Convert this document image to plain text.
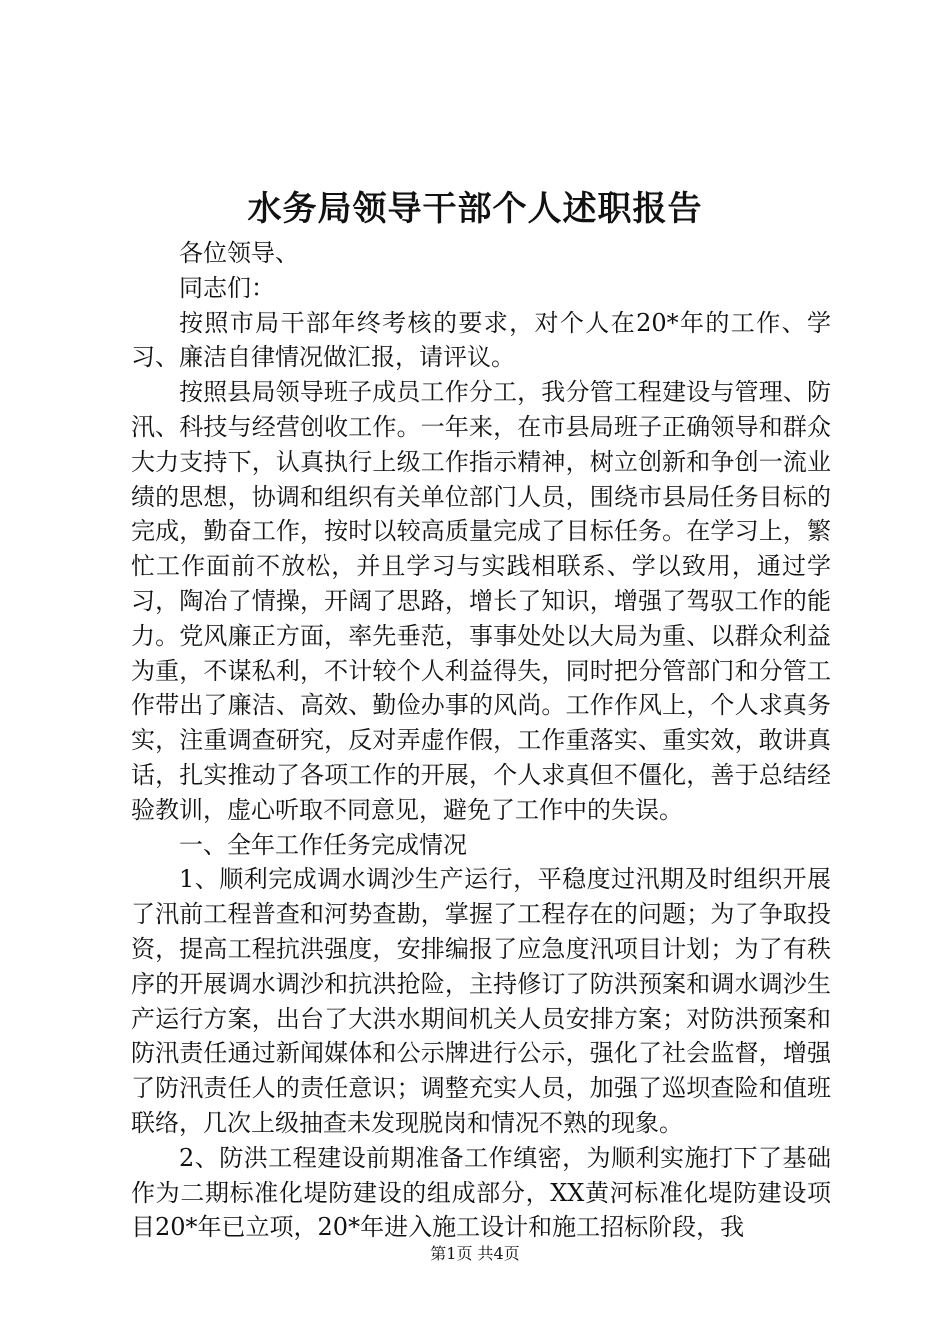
水务局领导干部个人述职报告

各位领导、

同志们：

按照市局干部年终考核的要求，对个人在20*年的工作、学习、廉洁自律情况做汇报，请评议。

按照县局领导班子成员工作分工，我分管工程建设与管理、防汛、科技与经营创收工作。一年来，在市县局班子正确领导和群众大力支持下，认真执行上级工作指示精神，树立创新和争创一流业绩的思想，协调和组织有关单位部门人员，围绕市县局任务目标的完成，勤奋工作，按时以较高质量完成了目标任务。在学习上，繁忙工作面前不放松，并且学习与实践相联系、学以致用，通过学习，陶冶了情操，开阔了思路，增长了知识，增强了驾驭工作的能力。党风廉正方面，率先垂范，事事处处以大局为重、以群众利益为重，不谋私利，不计较个人利益得失，同时把分管部门和分管工作带出了廉洁、高效、勤俭办事的风尚。工作作风上，个人求真务实，注重调查研究，反对弄虚作假，工作重落实、重实效，敢讲真话，扎实推动了各项工作的开展，个人求真但不僵化，善于总结经验教训，虚心听取不同意见，避免了工作中的失误。

一、全年工作任务完成情况

1、顺利完成调水调沙生产运行，平稳度过汛期及时组织开展了汛前工程普查和河势查勘，掌握了工程存在的问题；为了争取投资，提高工程抗洪强度，安排编报了应急度汛项目计划；为了有秩序的开展调水调沙和抗洪抢险，主持修订了防洪预案和调水调沙生产运行方案，出台了大洪水期间机关人员安排方案；对防洪预案和防汛责任通过新闻媒体和公示牌进行公示，强化了社会监督，增强了防汛责任人的责任意识；调整充实人员，加强了巡坝查险和值班联络，几次上级抽查未发现脱岗和情况不熟的现象。

2、防洪工程建设前期准备工作缜密，为顺利实施打下了基础作为二期标准化堤防建设的组成部分，XX黄河标准化堤防建设项目20*年已立项，20*年进入施工设计和施工招标阶段，我

第1页 共4页
